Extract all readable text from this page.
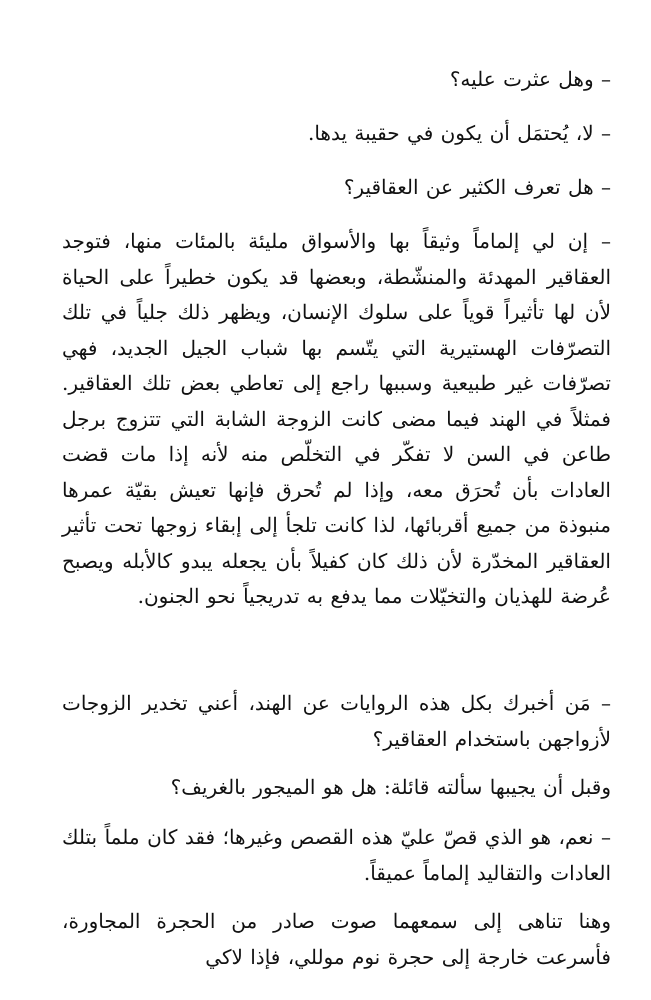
– وهل عثرت عليه؟

– لا، يُحتمَل أن يكون في حقيبة يدها.

– هل تعرف الكثير عن العقاقير؟

– إن لي إلماماً وثيقاً بها والأسواق مليئة بالمئات منها، فتوجد العقاقير المهدئة والمنشّطة، وبعضها قد يكون خطيراً على الحياة لأن لها تأثيراً قوياً على سلوك الإنسان، ويظهر ذلك جلياً في تلك التصرّفات الهستيرية التي يتّسم بها شباب الجيل الجديد، فهي تصرّفات غير طبيعية وسببها راجع إلى تعاطي بعض تلك العقاقير. فمثلاً في الهند فيما مضى كانت الزوجة الشابة التي تتزوج برجل طاعن في السن لا تفكّر في التخلّص منه لأنه إذا مات قضت العادات بأن تُحرَق معه، وإذا لم تُحرق فإنها تعيش بقيّة عمرها منبوذة من جميع أقربائها، لذا كانت تلجأ إلى إبقاء زوجها تحت تأثير العقاقير المخدّرة لأن ذلك كان كفيلاً بأن يجعله يبدو كالأبله ويصبح عُرضة للهذيان والتخيّلات مما يدفع به تدريجياً نحو الجنون.

– مَن أخبرك بكل هذه الروايات عن الهند، أعني تخدير الزوجات لأزواجهن باستخدام العقاقير؟

وقبل أن يجيبها سألته قائلة: هل هو الميجور بالغريف؟

– نعم، هو الذي قصّ عليّ هذه القصص وغيرها؛ فقد كان ملماً بتلك العادات والتقاليد إلماماً عميقاً.

وهنا تناهى إلى سمعهما صوت صادر من الحجرة المجاورة، فأسرعت خارجة إلى حجرة نوم موللي، فإذا لاكي
